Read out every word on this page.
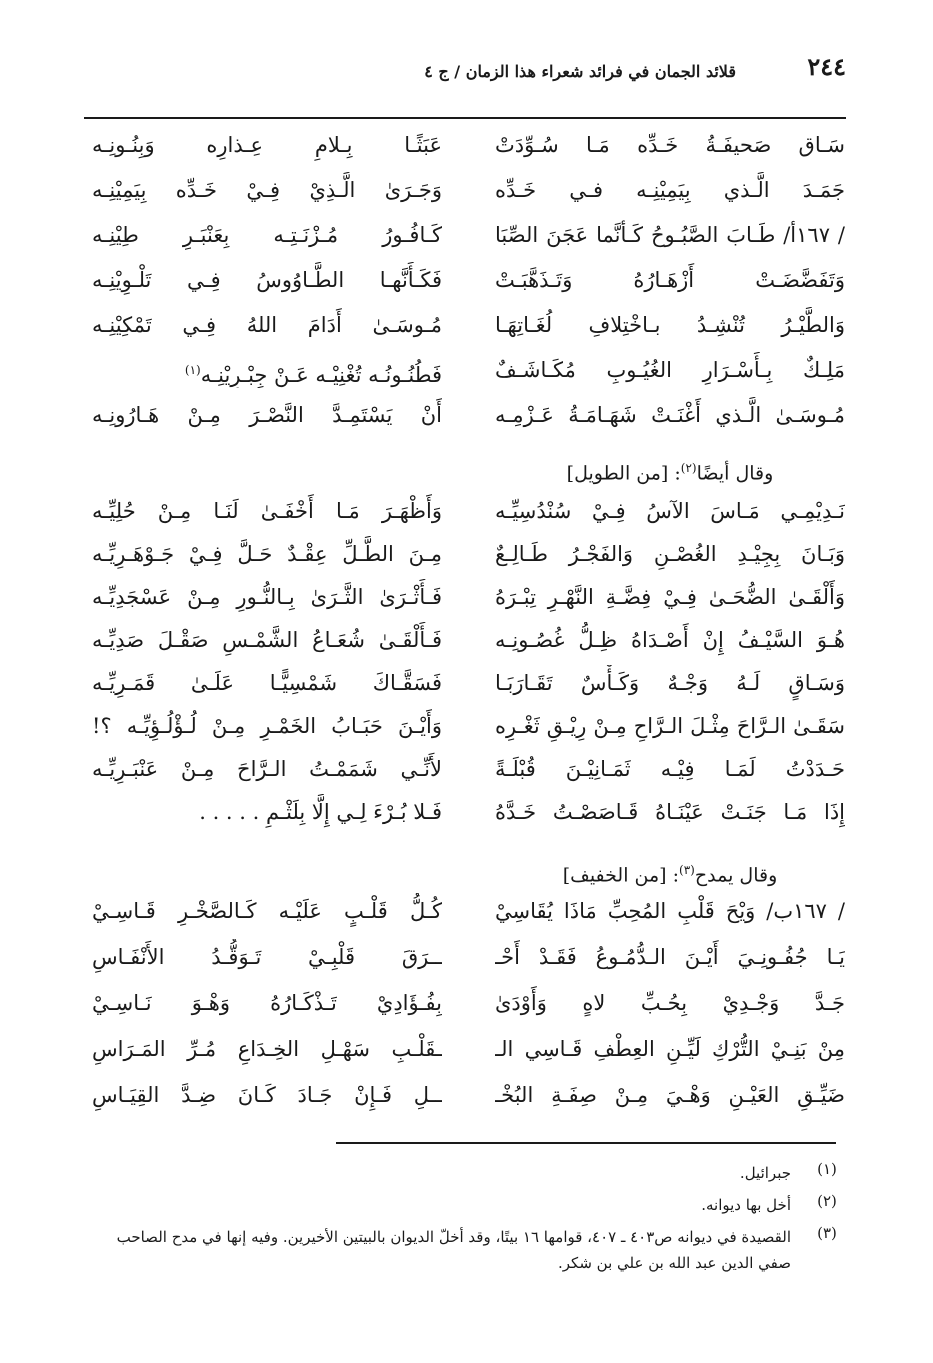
٢٤٤
قلائد الجمان في فرائد شعراء هذا الزمان / ج ٤
سَـاق صَحيفَـةُ خَـدِّه مَـا سُـوِّدَتْ
جَمَـدَ الَّـذي بِيَمِيْنِـه فـي خَـدِّه
/ ١٦٧أ/ طَـابَ الصَّبُـوحُ كَـأنَّما عَجَنَ الصِّبَا
وَتَفَضَّضَـتْ أَزْهَـارُهُ وَتَـذَهَّبَـتْ
وَالطَّيْـرُ تُنْشِـدُ بـاخْتِلافِ لُغَـاتِهَـا
مَلِـكٌ بِـأَسْـرَارِ الغُيُـوبِ مُكَـاشَـفٌ
مُـوسَـىٰ الَّـذي أَغْنَـتْ شَهَـامَـةُ عَـزْمِـه
عَبَثًـا بِـلامِ عِـذارِه وَبِنُـونِـه
وَجَـرَىٰ الَّـذِيْ فِـيْ خَـدِّه بِيَمِيْنِـه
كَـافُـورُ مُـزْنَـتِـه بِعَنْبَـرِ طِيْنِـه
فَكَـأَنَّهـا الطَّـاوُوسُ فِـي تَلْـوِيْنِـه
مُـوسَـىٰ أَدَامَ اللهُ فِـي تَمْكِيْنِـه
فَطُنُـونُـه تُغْنِيْـه عَـنْ جِبْـرِيْنِـه$^{(١)}$
أَنْ يَسْتَمِـدَّ النَّصْـرَ مِـنْ هَـارُونِـه
وقال أيضًا$^{(٢)}$: [من الطويل]
نَـدِيْمِـي مَـاسَ الآسُ فِـيْ سُنْدُسِيِّـه
وَبَـانَ بِجِيْـدِ الغُصْـنِ وَالفَجْـرُ طَـالِـعٌ
وَأَلْقَـىٰ الضُّحَـىٰ فِـيْ فِضَّـةِ النَّهْـرِ تِبْـرَهُ
هُـوَ السَّيْـفُ إِنْ أَصْـدَاهُ ظِـلُّ غُصُـونِـه
وَسَـاقٍ لَـهُ وَجْـهٌ وَكَـأْسٌ تَقَـارَبَـا
سَقَـىٰ الـرَّاحَ مِثْـلَ الـرَّاحِ مِـنْ رِيْـقِ ثَغْـرِه
حَـدَدْتُ لَمَـا فِيْـه ثَمَـانِيْـنَ قُبْلَـةً
إِذَا مَـا جَنَـتْ عَيْنَـاهُ قَـاصَصْـتُ خَـدَّهُ
وَأَظْهَـرَ مَـا أَخْفَـىٰ لَنَـا مِـنْ حُلِيِّـه
مِـنَ الطَّـلِّ عِقْـدٌ حَـلَّ فِـيْ جَـوْهَـرِيِّـه
فَـأَثْـرَىٰ الثَّـرَىٰ بِـالنُّـورِ مِـنْ عَسْجَدِيِّـه
فَـأَلْقَـىٰ شُعَـاعُ الشَّمْـسِ صَقْـلَ صَدِيِّـه
فَسَقَّـاكَ شَمْسِيًّـا عَلَـىٰ قَمَـرِيِّـه
وَأَيْـنَ حَبَـابُ الخَمْـرِ مِـنْ لُـؤْلُـؤِيِّـه ؟!
لأَنِّـي شَمَمْـتُ الـرَّاحَ مِـنْ عَنْبَـرِيِّـه
فَـلا بُـرْءَ لِـي إِلَّا بِلَثْـمِ . . . . .
وقال يمدح$^{(٣)}$: [من الخفيف]
/ ١٦٧ب/ وَيْحَ قَلْبِ المُحِبِّ مَاذَا يُقَاسِيْ
يَـا جُفُـونِـيَ أَيْـنَ الـدُّمُـوعُ فَقَـدْ أَحْـ
جَـدَّ وَجْـدِيْ بِحُـبِّ لاهٍ وَأَوْدَىٰ
مِنْ بَنِـيْ التُّرْكِ لَيِّـنِ العِطْفِ قَـاسِي الـ
ضَيِّـقِ العَيْـنِ وَهْـيَ مِـنْ صِفَـةِ البُخْـ
كُـلُّ قَلْـبٍ عَلَيْـه كَـالصَّخْـرِ قَـاسِـيْ
ــرَقَ قَلْبِـيْ تَـوَقُّـدُ الأَنْفَـاسِ
بِفُـؤَادِيْ تَـذْكَـارُهُ وَهْـوَ نَـاسِـيْ
ـقَلْـبِ سَهْـلِ الخِـدَاعِ مُـرِّ المَـرَاسِ
ــلِ فَـإِنْ جَـادَ كَـانَ ضِـدَّ القِيَـاسِ
(١)
جبرائيل.
(٢)
أخل بها ديوانه.
(٣)
القصيدة في ديوانه ص٤٠٣ ـ ٤٠٧، قوامها ١٦ بيتًا، وقد أخلّ الديوان بالبيتين الأخيرين. وفيه إنها في مدح الصاحب صفي الدين عبد الله بن علي بن شكر.
